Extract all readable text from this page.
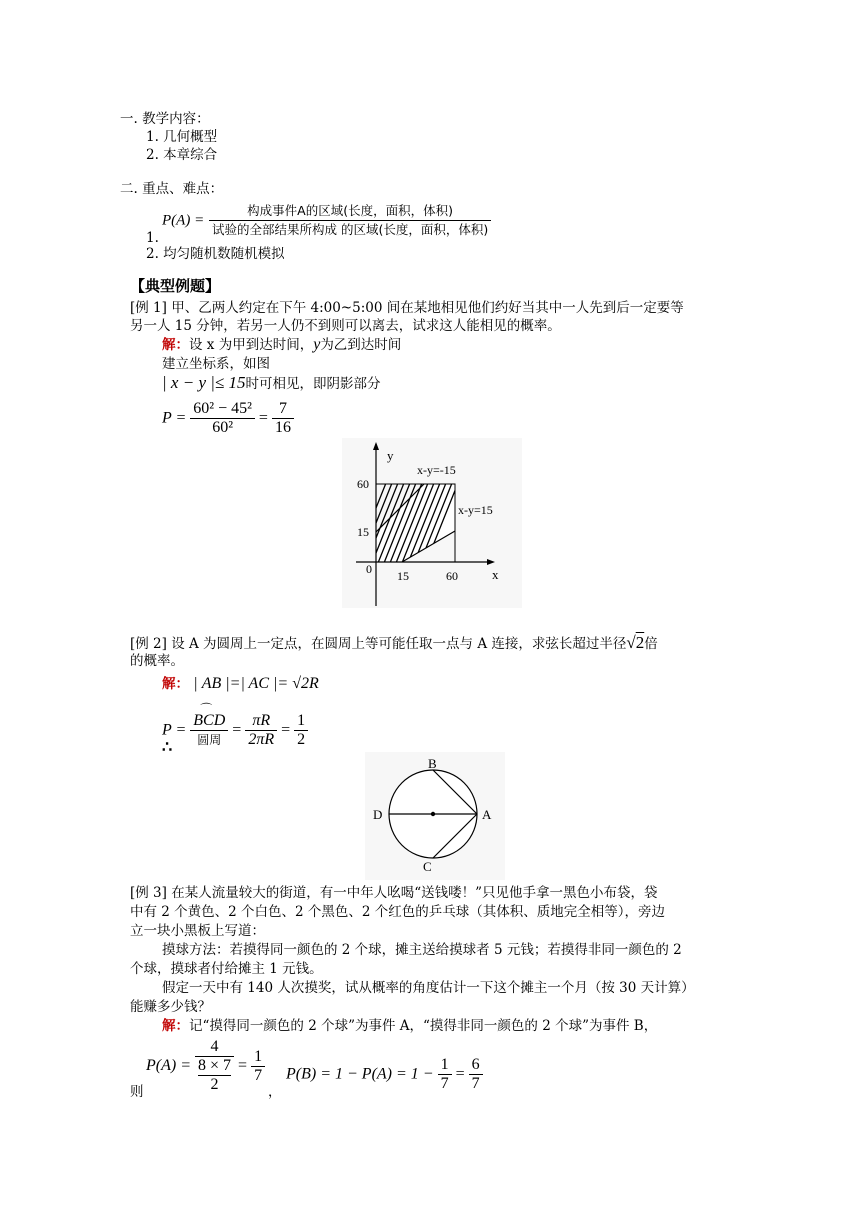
一. 教学内容：
1. 几何概型
2. 本章综合
二. 重点、难点：
$P(A) = \frac{\text{构成事件A的区域(长度，面积，体积)}}{\text{试验的全部结果所构成 的区域(长度，面积，体积)}}$
1.
2. 均匀随机数随机模拟
【典型例题】
[例 1] 甲、乙两人约定在下午 4:00~5:00 间在某地相见他们约好当其中一人先到后一定要等
另一人 15 分钟，若另一人仍不到则可以离去，试求这人能相见的概率。
解：设 x 为甲到达时间，y为乙到达时间
建立坐标系，如图
| x − y |≤ 15时可相见，即阴影部分
$P = \frac{\text{60² − 45²}}{\text{60²}} = \frac{7}{16}$
y
x
60
15
0 15	60
x-y=-15
x-y=15
[例 2] 设 A 为圆周上一定点，在圆周上等可能任取一点与 A 连接，求弦长超过半径√2倍
的概率。
解： | AB |=| AC |= √2R
P = ⌒
BCD
圆周 = $\frac{\pi R}{2\pi R} = \frac{1}{2}$
∴
B
A
C
D
[例 3] 在某人流量较大的街道，有一中年人吆喝“送钱喽！”只见他手拿一黑色小布袋，袋
中有 2 个黄色、2 个白色、2 个黑色、2 个红色的乒乓球（其体积、质地完全相等），旁边
立一块小黑板上写道：
摸球方法：若摸得同一颜色的 2 个球，摊主送给摸球者 5 元钱；若摸得非同一颜色的 2
个球，摸球者付给摊主 1 元钱。
假定一天中有 140 人次摸奖，试从概率的角度估计一下这个摊主一个月（按 30 天计算）
能赚多少钱？
解：记“摸得同一颜色的 2 个球”为事件 A，“摸得非同一颜色的 2 个球”为事件 B，
P(A) = 4
8 × 7
$2 = \frac{1}{7} P(B) = 1 - P(A) = 1 - \frac{1}{7} = \frac{6}{7}$
则	，
